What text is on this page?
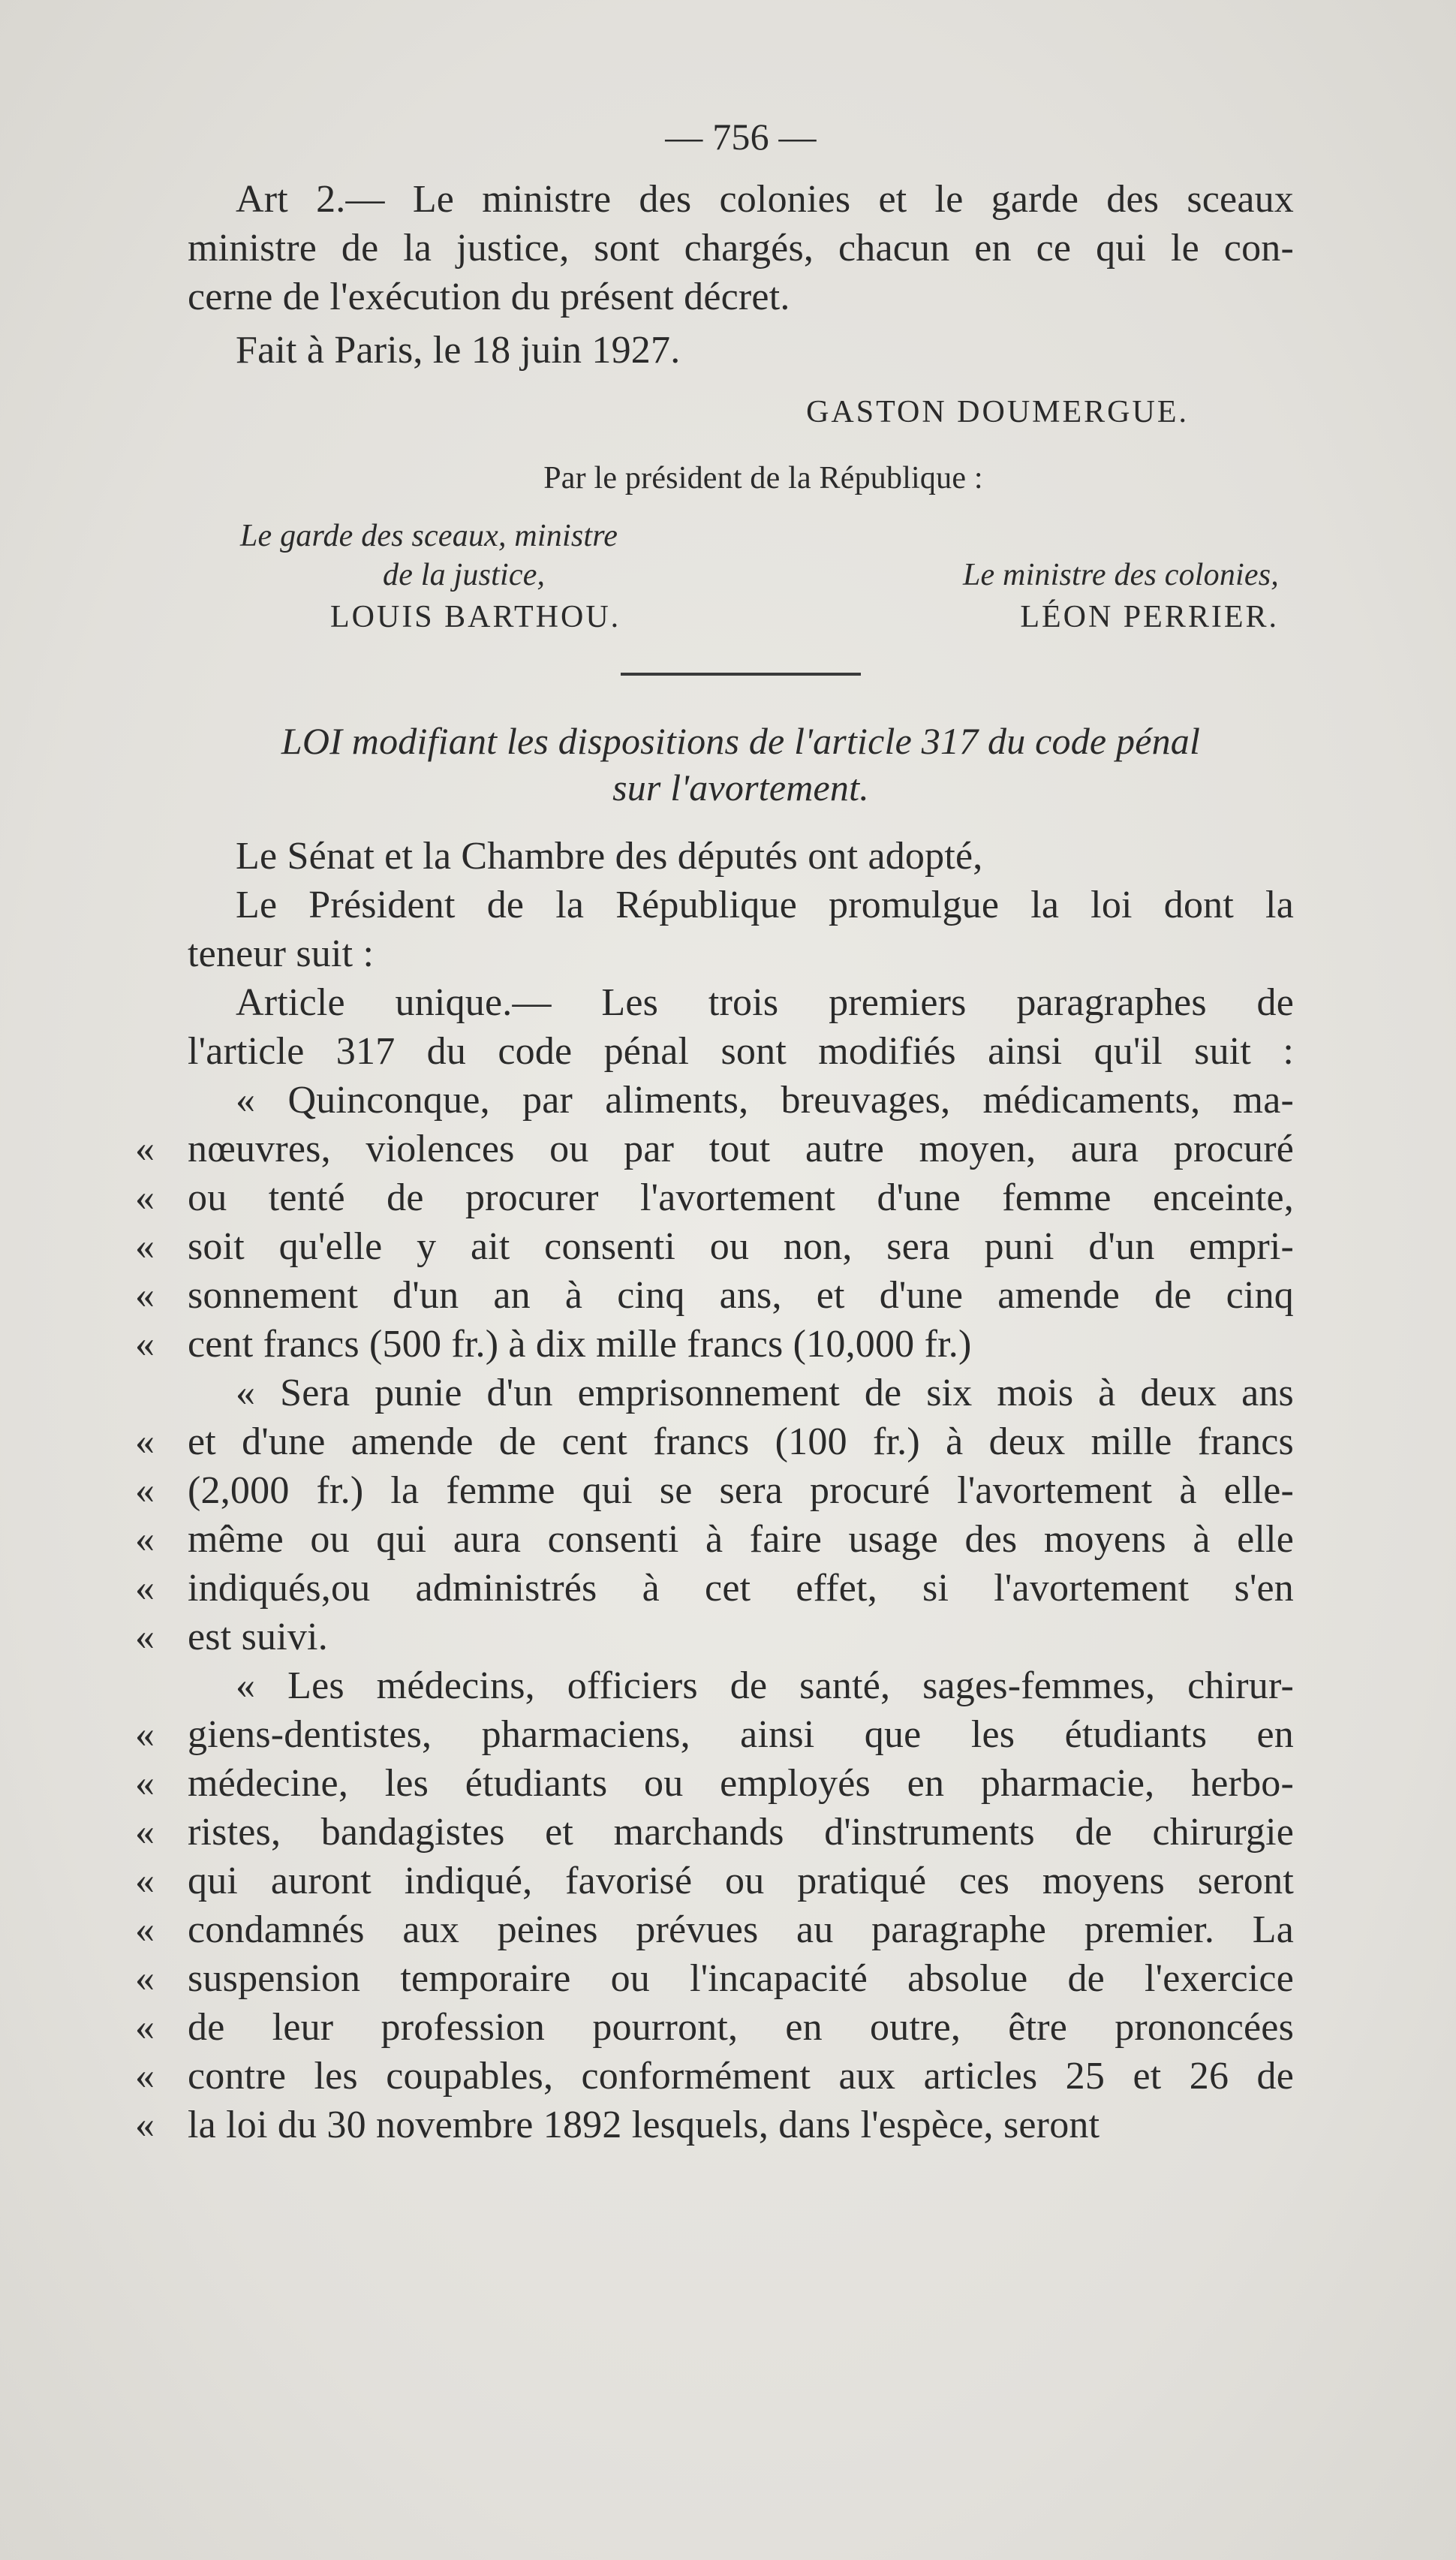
— 756 —

Art 2.— Le ministre des colonies et le garde des sceaux

ministre de la justice, sont chargés, chacun en ce qui le con-

cerne de l'exécution du présent décret.

Fait à Paris, le 18 juin 1927.

GASTON DOUMERGUE.
Par le président de la République :
Le garde des sceaux, ministre
de la justice,
LOUIS BARTHOU.
Le ministre des colonies,
LÉON PERRIER.
LOI modifiant les dispositions de l'article 317 du code pénal
sur l'avortement.

Le Sénat et la Chambre des députés ont adopté,

Le Président de la République promulgue la loi dont la

teneur suit :

Article unique.— Les trois premiers paragraphes de

l'article 317 du code pénal sont modifiés ainsi qu'il suit :

« Quinconque, par aliments, breuvages, médicaments, ma-

« nœuvres, violences ou par tout autre moyen, aura procuré

« ou tenté de procurer l'avortement d'une femme enceinte,

« soit qu'elle y ait consenti ou non, sera puni d'un empri-

« sonnement d'un an à cinq ans, et d'une amende de cinq

« cent francs (500 fr.) à dix mille francs (10,000 fr.)

« Sera punie d'un emprisonnement de six mois à deux ans

« et d'une amende de cent francs (100 fr.) à deux mille francs

« (2,000 fr.) la femme qui se sera procuré l'avortement à elle-

« même ou qui aura consenti à faire usage des moyens à elle

« indiqués,ou administrés à cet effet, si l'avortement s'en

« est suivi.

« Les médecins, officiers de santé, sages-femmes, chirur-

« giens-dentistes, pharmaciens, ainsi que les étudiants en

« médecine, les étudiants ou employés en pharmacie, herbo-

« ristes, bandagistes et marchands d'instruments de chirurgie

« qui auront indiqué, favorisé ou pratiqué ces moyens seront

« condamnés aux peines prévues au paragraphe premier. La

« suspension temporaire ou l'incapacité absolue de l'exercice

« de leur profession pourront, en outre, être prononcées

« contre les coupables, conformément aux articles 25 et 26 de

« la loi du 30 novembre 1892 lesquels, dans l'espèce, seront
